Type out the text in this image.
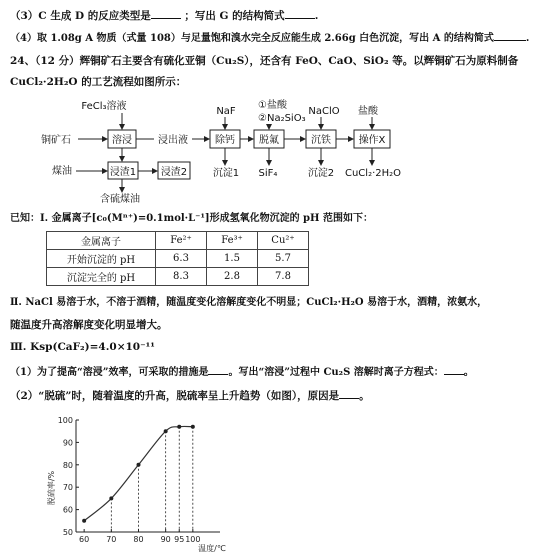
（3）C 生成 D 的反应类型是	；写出 G 的结构简式	.
（4）取 1.08g A 物质（式量 108）与足量饱和溴水完全反应能生成 2.66g 白色沉淀，写出 A 的结构简式	.
24、（12 分）辉铜矿石主要含有硫化亚铜（Cu₂S），还含有 FeO、CaO、SiO₂ 等。以辉铜矿石为原料制备
CuCl₂·2H₂O 的工艺流程如图所示：
FeCl₃溶液	NaF
①盐酸
②Na₂SiO₃
NaClO 盐酸
铜矿石	浸出液
煤油	沉淀1 SiF₄	沉淀2 CuCl₂·2H₂O
含硫煤油
溶浸	除钙 脱氟	沉铁	操作X
浸渣1 浸渣2
已知：Ⅰ. 金属离子[c₀(Mⁿ⁺)=0.1mol·L⁻¹]形成氢氧化物沉淀的 pH 范围如下：
金属离子	Fe²⁺	Fe³⁺	Cu²⁺
开始沉淀的 pH	6.3	1.5	5.7
沉淀完全的 pH	8.3	2.8	7.8
Ⅱ. NaCl 易溶于水，不溶于酒精，随温度变化溶解度变化不明显；CuCl₂·H₂O 易溶于水，酒精，浓氨水，
随温度升高溶解度变化明显增大。
Ⅲ. Ksp(CaF₂)=4.0×10⁻¹¹
（1）为了提高“溶浸”效率，可采取的措施是 。写出“溶浸”过程中 Cu₂S 溶解时离子方程式： 。
（2）“脱硫”时，随着温度的升高，脱硫率呈上升趋势（如图），原因是 。
60 70 80 90 95 100
50
60
70
80
90
100
脱硫率/%
温度/℃
